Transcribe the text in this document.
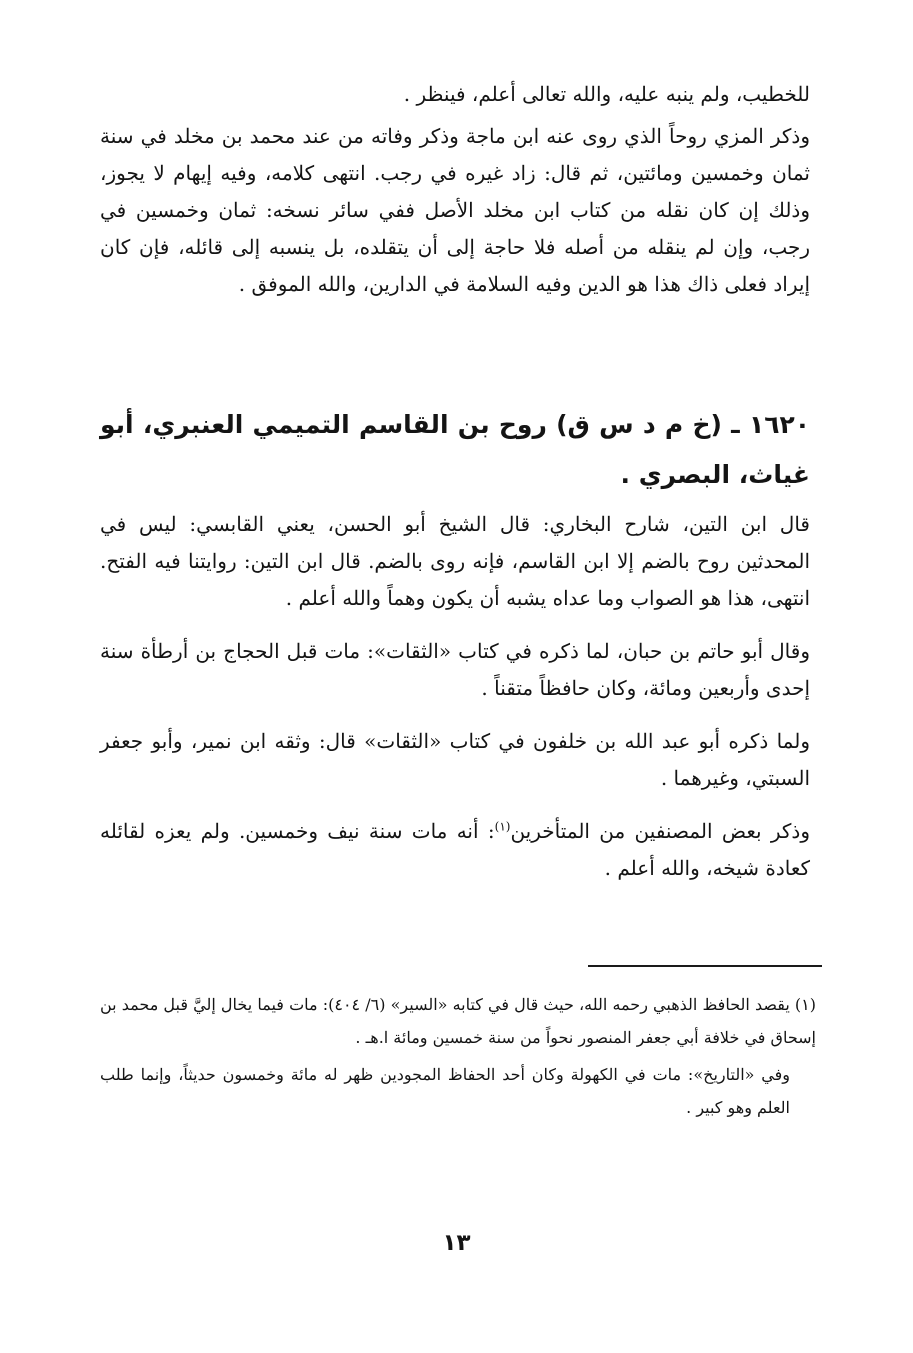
للخطيب، ولم ينبه عليه، والله تعالى أعلم، فينظر .

وذكر المزي روحاً الذي روى عنه ابن ماجة وذكر وفاته من عند محمد بن مخلد في سنة ثمان وخمسين ومائتين، ثم قال: زاد غيره في رجب. انتهى كلامه، وفيه إيهام لا يجوز، وذلك إن كان نقله من كتاب ابن مخلد الأصل ففي سائر نسخه: ثمان وخمسين في رجب، وإن لم ينقله من أصله فلا حاجة إلى أن يتقلده، بل ينسبه إلى قائله، فإن كان إيراد فعلى ذاك هذا هو الدين وفيه السلامة في الدارين، والله الموفق .

١٦٢٠ ـ (خ م د س ق) روح بن القاسم التميمي العنبري، أبو غياث، البصري .

قال ابن التين، شارح البخاري: قال الشيخ أبو الحسن، يعني القابسي: ليس في المحدثين روح بالضم إلا ابن القاسم، فإنه روى بالضم. قال ابن التين: روايتنا فيه الفتح. انتهى، هذا هو الصواب وما عداه يشبه أن يكون وهماً والله أعلم .

وقال أبو حاتم بن حبان، لما ذكره في كتاب «الثقات»: مات قبل الحجاج بن أرطأة سنة إحدى وأربعين ومائة، وكان حافظاً متقناً .

ولما ذكره أبو عبد الله بن خلفون في كتاب «الثقات» قال: وثقه ابن نمير، وأبو جعفر السبتي، وغيرهما .

وذكر بعض المصنفين من المتأخرين$^{(١)}$: أنه مات سنة نيف وخمسين. ولم يعزه لقائله كعادة شيخه، والله أعلم .

(١) يقصد الحافظ الذهبي رحمه الله، حيث قال في كتابه «السير» (٦/ ٤٠٤): مات فيما يخال إليَّ قبل محمد بن إسحاق في خلافة أبي جعفر المنصور نحواً من سنة خمسين ومائة ا.هـ .

وفي «التاريخ»: مات في الكهولة وكان أحد الحفاظ المجودين ظهر له مائة وخمسون حديثاً، وإنما طلب العلم وهو كبير .

١٣
